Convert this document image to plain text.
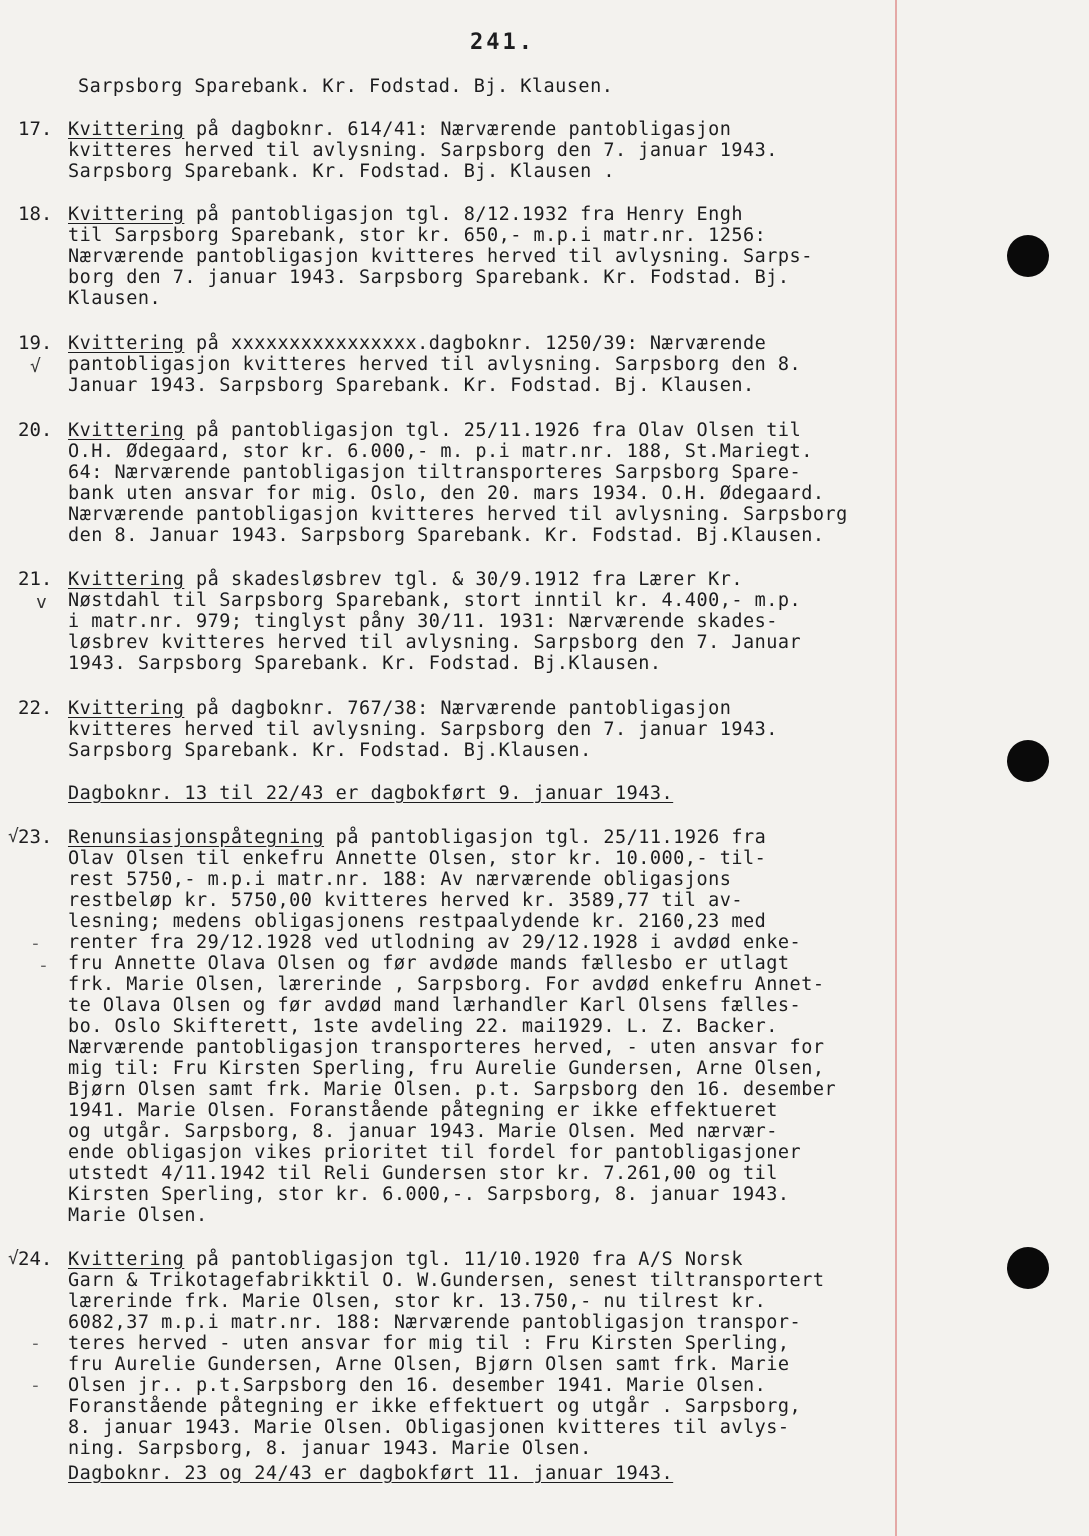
241.
Sarpsborg Sparebank. Kr. Fodstad. Bj. Klausen.
17. Kvittering på dagboknr. 614/41: Nærværende pantobligasjon
kvitteres herved til avlysning. Sarpsborg den 7. januar 1943.
Sarpsborg Sparebank. Kr. Fodstad. Bj. Klausen .
18. Kvittering på pantobligasjon tgl. 8/12.1932 fra Henry Engh
til Sarpsborg Sparebank, stor kr. 650,- m.p.i matr.nr. 1256:
Nærværende pantobligasjon kvitteres herved til avlysning. Sarps-
borg den 7. januar 1943. Sarpsborg Sparebank. Kr. Fodstad. Bj.
Klausen.
19.
√
Kvittering på xxxxxxxxxxxxxxxx.dagboknr. 1250/39: Nærværende
pantobligasjon kvitteres herved til avlysning. Sarpsborg den 8.
Januar 1943. Sarpsborg Sparebank. Kr. Fodstad. Bj. Klausen.
20. Kvittering på pantobligasjon tgl. 25/11.1926 fra Olav Olsen til
O.H. Ødegaard, stor kr. 6.000,- m. p.i matr.nr. 188, St.Mariegt.
64: Nærværende pantobligasjon tiltransporteres Sarpsborg Spare-
bank uten ansvar for mig. Oslo, den 20. mars 1934. O.H. Ødegaard.
Nærværende pantobligasjon kvitteres herved til avlysning. Sarpsborg
den 8. Januar 1943. Sarpsborg Sparebank. Kr. Fodstad. Bj.Klausen.
21.
v
Kvittering på skadesløsbrev tgl. & 30/9.1912 fra Lærer Kr.
Nøstdahl til Sarpsborg Sparebank, stort inntil kr. 4.400,- m.p.
i matr.nr. 979; tinglyst påny 30/11. 1931: Nærværende skades-
løsbrev kvitteres herved til avlysning. Sarpsborg den 7. Januar
1943. Sarpsborg Sparebank. Kr. Fodstad. Bj.Klausen.
22. Kvittering på dagboknr. 767/38: Nærværende pantobligasjon
kvitteres herved til avlysning. Sarpsborg den 7. januar 1943.
Sarpsborg Sparebank. Kr. Fodstad. Bj.Klausen.
Dagboknr. 13 til 22/43 er dagbokført 9. januar 1943.
23.
√
-
-
Renunsiasjonspåtegning på pantobligasjon tgl. 25/11.1926 fra
Olav Olsen til enkefru Annette Olsen, stor kr. 10.000,- til-
rest 5750,- m.p.i matr.nr. 188: Av nærværende obligasjons
restbeløp kr. 5750,00 kvitteres herved kr. 3589,77 til av-
lesning; medens obligasjonens restpaalydende kr. 2160,23 med
renter fra 29/12.1928 ved utlodning av 29/12.1928 i avdød enke-
fru Annette Olava Olsen og før avdøde mands fællesbo er utlagt
frk. Marie Olsen, lærerinde , Sarpsborg. For avdød enkefru Annet-
te Olava Olsen og før avdød mand lærhandler Karl Olsens fælles-
bo. Oslo Skifterett, 1ste avdeling 22. mai1929. L. Z. Backer.
Nærværende pantobligasjon transporteres herved, - uten ansvar for
mig til: Fru Kirsten Sperling, fru Aurelie Gundersen, Arne Olsen,
Bjørn Olsen samt frk. Marie Olsen. p.t. Sarpsborg den 16. desember
1941. Marie Olsen. Foranstående påtegning er ikke effektueret
og utgår. Sarpsborg, 8. januar 1943. Marie Olsen. Med nærvær-
ende obligasjon vikes prioritet til fordel for pantobligasjoner
utstedt 4/11.1942 til Reli Gundersen stor kr. 7.261,00 og til
Kirsten Sperling, stor kr. 6.000,-. Sarpsborg, 8. januar 1943.
Marie Olsen.
24.
√
-
-
Kvittering på pantobligasjon tgl. 11/10.1920 fra A/S Norsk
Garn & Trikotagefabrikktil O. W.Gundersen, senest tiltransportert
lærerinde frk. Marie Olsen, stor kr. 13.750,- nu tilrest kr.
6082,37 m.p.i matr.nr. 188: Nærværende pantobligasjon transpor-
teres herved - uten ansvar for mig til : Fru Kirsten Sperling,
fru Aurelie Gundersen, Arne Olsen, Bjørn Olsen samt frk. Marie
Olsen jr.. p.t.Sarpsborg den 16. desember 1941. Marie Olsen.
Foranstående påtegning er ikke effektuert og utgår . Sarpsborg,
8. januar 1943. Marie Olsen. Obligasjonen kvitteres til avlys-
ning. Sarpsborg, 8. januar 1943. Marie Olsen.
Dagboknr. 23 og 24/43 er dagbokført 11. januar 1943.
